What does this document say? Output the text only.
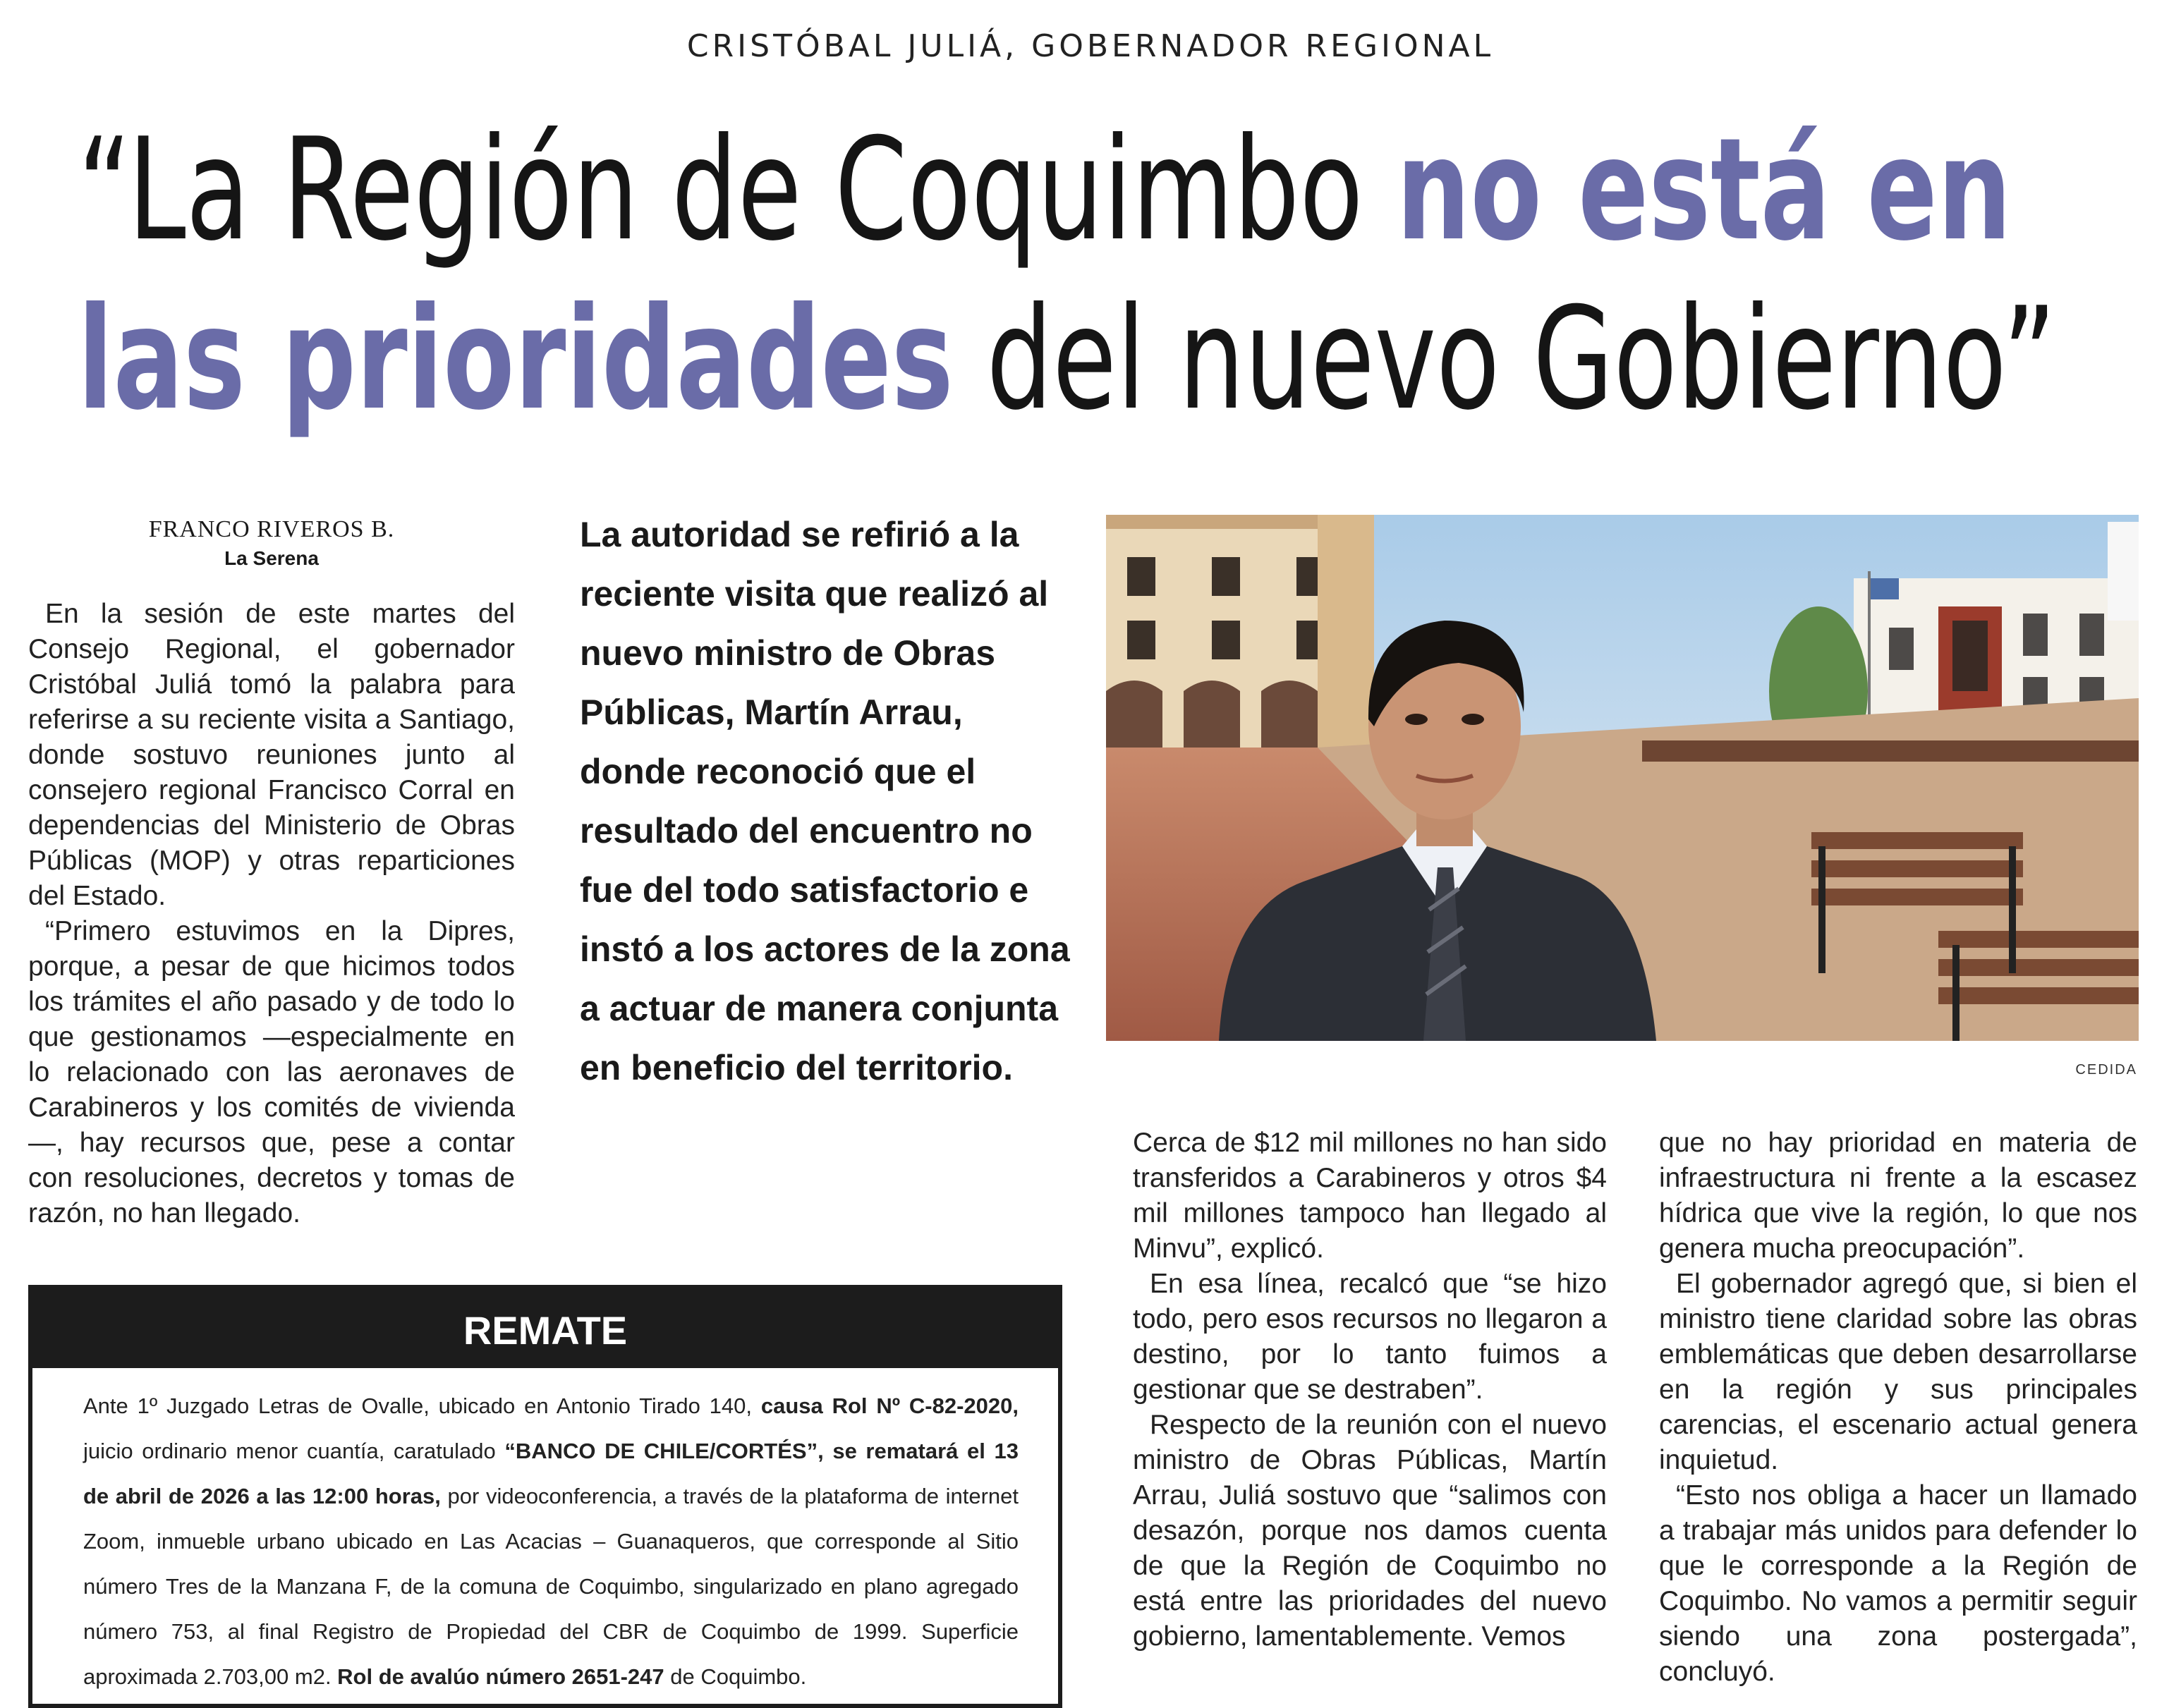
CRISTÓBAL JULIÁ, GOBERNADOR REGIONAL
“La Región de Coquimbo no está en
las prioridades del nuevo Gobierno”
FRANCO RIVEROS B.
La Serena

En la sesión de este martes del Consejo Regional, el gobernador Cristóbal Juliá tomó la palabra para referirse a su reciente visita a Santiago, donde sostuvo reuniones junto al consejero regional Francisco Corral en dependencias del Ministerio de Obras Públicas (MOP) y otras reparticiones del Estado.

“Primero estuvimos en la Dipres, porque, a pesar de que hicimos todos los trámites el año pasado y de todo lo que gestionamos —especialmente en lo relacionado con las aeronaves de Carabineros y los comités de vivienda—, hay recursos que, pese a contar con resoluciones, decretos y tomas de razón, no han llegado.

La autoridad se refirió a la reciente visita que realizó al nuevo ministro de Obras Públicas, Martín Arrau, donde reconoció que el resultado del encuentro no fue del todo satisfactorio e instó a los actores de la zona a actuar de manera conjunta en beneficio del territorio.	CEDIDA

Cerca de $12 mil millones no han sido transferidos a Carabineros y otros $4 mil millones tampoco han llegado al Minvu”, explicó.

En esa línea, recalcó que “se hizo todo, pero esos recursos no llegaron a destino, por lo tanto fuimos a gestionar que se destraben”.

Respecto de la reunión con el nuevo ministro de Obras Públicas, Martín Arrau, Juliá sostuvo que “salimos con desazón, porque nos damos cuenta de que la Región de Coquimbo no está entre las prioridades del nuevo gobierno, lamentablemente. Vemos

que no hay prioridad en materia de infraestructura ni frente a la escasez hídrica que vive la región, lo que nos genera mucha preocupación”.

El gobernador agregó que, si bien el ministro tiene claridad sobre las obras emblemáticas que deben desarrollarse en la región y sus principales carencias, el escenario actual genera inquietud.

“Esto nos obliga a hacer un llamado a trabajar más unidos para defender lo que le corresponde a la Región de Coquimbo. No vamos a permitir seguir siendo una zona postergada”, concluyó.

REMATE
Ante 1º Juzgado Letras de Ovalle, ubicado en Antonio Tirado 140, causa Rol Nº C-82-2020, juicio ordinario menor cuantía, caratulado “BANCO DE CHILE/CORTÉS”, se rematará el 13 de abril de 2026 a las 12:00 horas, por videoconferencia, a través de la plataforma de internet Zoom, inmueble urbano ubicado en Las Acacias – Guanaqueros, que corresponde al Sitio número Tres de la Manzana F, de la comuna de Coquimbo, singularizado en plano agregado número 753, al final Registro de Propiedad del CBR de Coquimbo de 1999. Superficie aproximada 2.703,00 m2. Rol de avalúo número 2651-247 de Coquimbo.
